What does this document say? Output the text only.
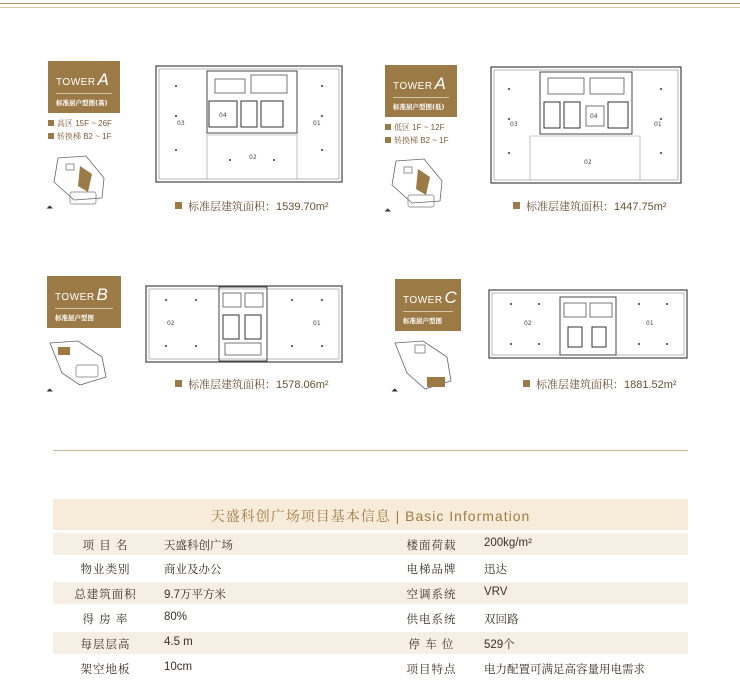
TOWER A
标准层户型图(高)
高区 15F ~ 26F
转换梯 B2 ~ 1F
⏶
03
04
01
02
标准层建筑面积：1539.70m²
TOWER A
标准层户型图(低)
低区 1F ~ 12F
转换梯 B2 ~ 1F
⏶
03
04
01
02
标准层建筑面积：1447.75m²
TOWER B
标准层户型图
⏶
02	01
标准层建筑面积：1578.06m²
TOWER C
标准层户型图
⏶
02	01
标准层建筑面积：1881.52m²
天盛科创广场项目基本信息 | Basic Information
项 目 名	天盛科创广场	楼面荷载	200kg/m²
物业类别	商业及办公	电梯品牌	迅达
总建筑面积	9.7万平方米	空调系统	VRV
得 房 率	80%	供电系统	双回路
每层层高	4.5 m	停 车 位	529个
架空地板	10cm	项目特点	电力配置可满足高容量用电需求
